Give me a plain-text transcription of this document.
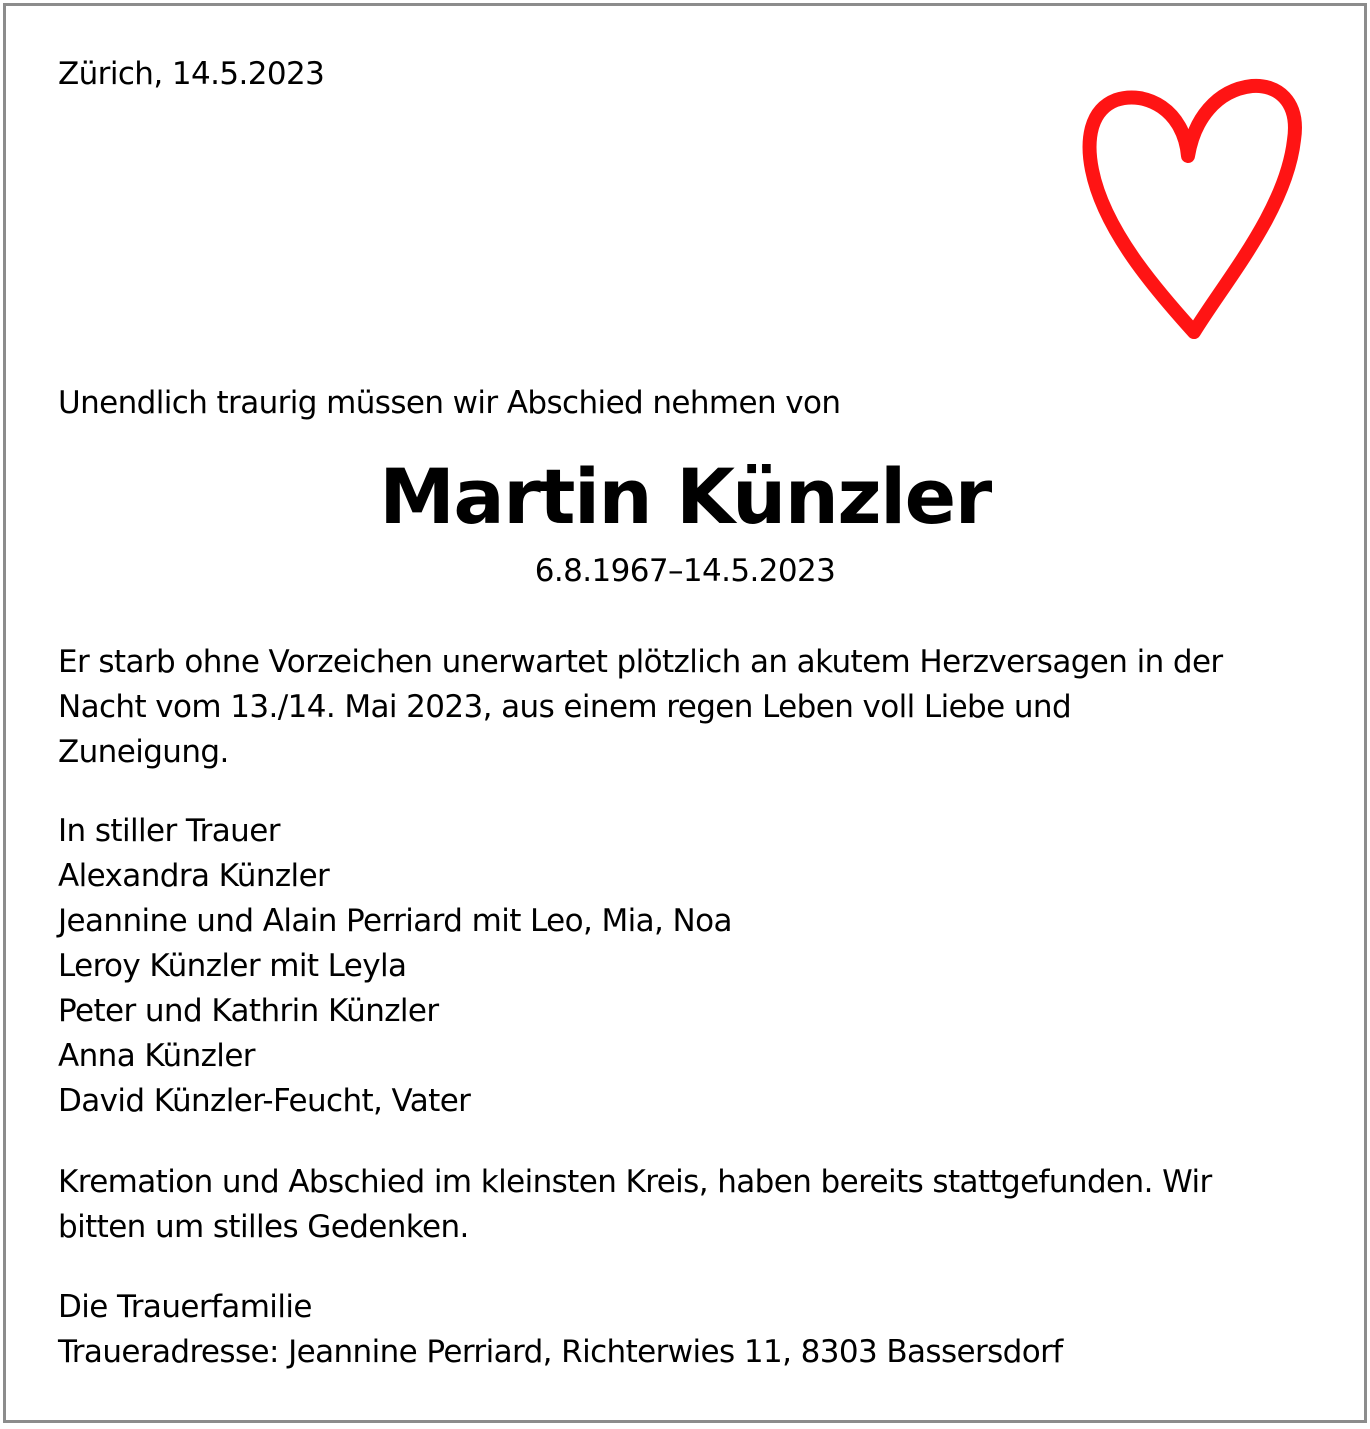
Zürich, 14.5.2023
Unendlich traurig müssen wir Abschied nehmen von
Martin Künzler
6.8.1967–14.5.2023
Er starb ohne Vorzeichen unerwartet plötzlich an akutem Herzversagen in der
Nacht vom 13./14. Mai 2023, aus einem regen Leben voll Liebe und
Zuneigung.
In stiller Trauer
Alexandra Künzler
Jeannine und Alain Perriard mit Leo, Mia, Noa
Leroy Künzler mit Leyla
Peter und Kathrin Künzler
Anna Künzler
David Künzler-Feucht, Vater
Kremation und Abschied im kleinsten Kreis, haben bereits stattgefunden. Wir
bitten um stilles Gedenken.
Die Trauerfamilie
Traueradresse: Jeannine Perriard, Richterwies 11, 8303 Bassersdorf
